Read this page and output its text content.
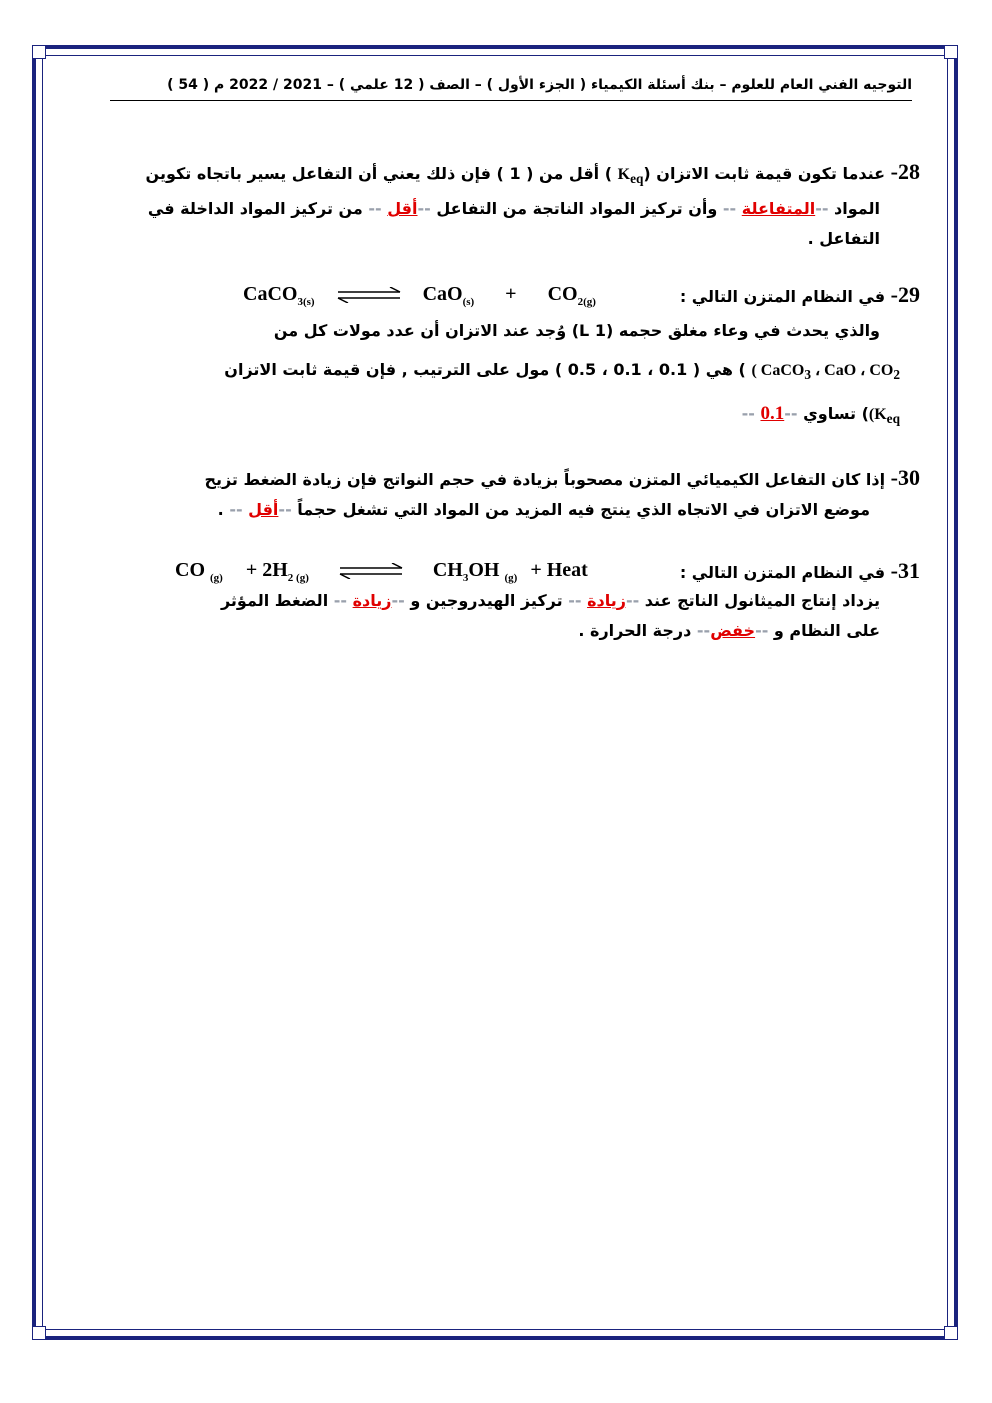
التوجيه الفني العام للعلوم – بنك أسئلة الكيمياء ( الجزء الأول ) – الصف ( 12 علمي ) – 2021 / 2022 م ( 54 )
28- عندما تكون قيمة ثابت الاتزان ($K_{eq}$ ) أقل من ( 1 ) فإن ذلك يعني أن التفاعل يسير باتجاه تكوين
المواد --المتفاعلة -- وأن تركيز المواد الناتجة من التفاعل --أقل -- من تركيز المواد الداخلة في
التفاعل .
29- في النظام المتزن التالي :
CaCO$_{3(s)}$ ⇌ $CaO_{(s)} + CO_{2(g)}$
والذي يحدث في وعاء مغلق حجمه (1 L) وُجد عند الاتزان أن عدد مولات كل من
( CaCO$_3$ ، CaO ، $CO_2$ ) هي ( 0.1 ، 0.1 ، 0.5 ) مول على الترتيب , فإن قيمة ثابت الاتزان
$(K_{eq})$ تساوي --0.1 --
30- إذا كان التفاعل الكيميائي المتزن مصحوباً بزيادة في حجم النواتج فإن زيادة الضغط تزيح
موضع الاتزان في الاتجاه الذي ينتج فيه المزيد من المواد التي تشغل حجماً --أقل -- .
31- في النظام المتزن التالي :
CO $_{(g)} + 2H_{2 (g)}$ ⇌ $CH_3OH$ $_{(g)}$ + Heat
يزداد إنتاج الميثانول الناتج عند --زيادة -- تركيز الهيدروجين و --زيادة -- الضغط المؤثر
على النظام و --خفض-- درجة الحرارة .
